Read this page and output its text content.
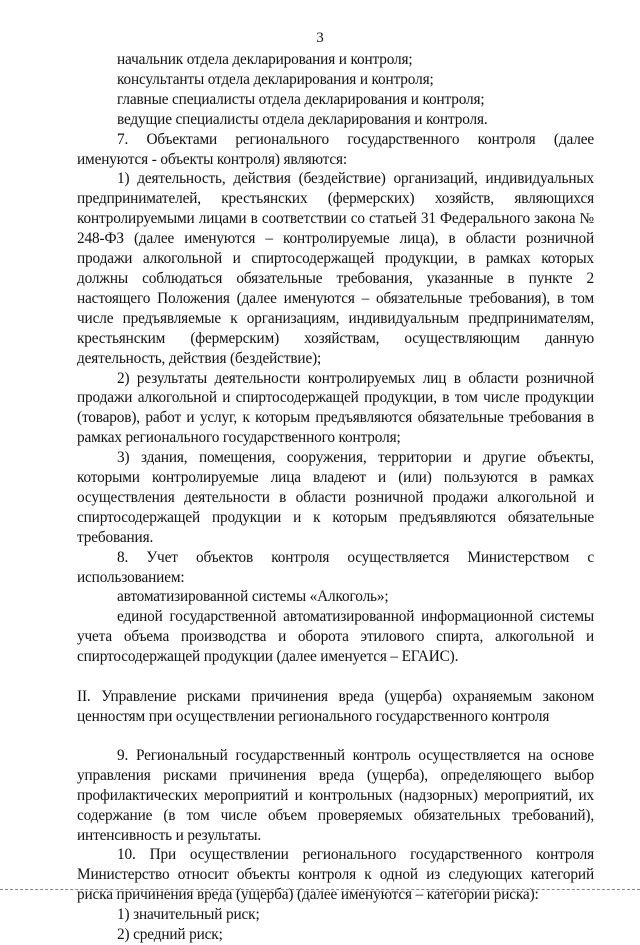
3

начальник отдела декларирования и контроля;

консультанты отдела декларирования и контроля;

главные специалисты отдела декларирования и контроля;

ведущие специалисты отдела декларирования и контроля.

7. Объектами регионального государственного контроля (далее именуются - объекты контроля) являются:

1) деятельность, действия (бездействие) организаций, индивидуальных предпринимателей, крестьянских (фермерских) хозяйств, являющихся контролируемыми лицами в соответствии со статьей 31 Федерального закона № 248-ФЗ (далее именуются – контролируемые лица), в области розничной продажи алкогольной и спиртосодержащей продукции, в рамках которых должны соблюдаться обязательные требования, указанные в пункте 2 настоящего Положения (далее именуются – обязательные требования), в том числе предъявляемые к организациям, индивидуальным предпринимателям, крестьянским (фермерским) хозяйствам, осуществляющим данную деятельность, действия (бездействие);

2) результаты деятельности контролируемых лиц в области розничной продажи алкогольной и спиртосодержащей продукции, в том числе продукции (товаров), работ и услуг, к которым предъявляются обязательные требования в рамках регионального государственного контроля;

3) здания, помещения, сооружения, территории и другие объекты, которыми контролируемые лица владеют и (или) пользуются в рамках осуществления деятельности в области розничной продажи алкогольной и спиртосодержащей продукции и к которым предъявляются обязательные требования.

8. Учет объектов контроля осуществляется Министерством с использованием:

автоматизированной системы «Алкоголь»;

единой государственной автоматизированной информационной системы учета объема производства и оборота этилового спирта, алкогольной и спиртосодержащей продукции (далее именуется – ЕГАИС).

II. Управление рисками причинения вреда (ущерба) охраняемым законом ценностям при осуществлении регионального государственного контроля

9. Региональный государственный контроль осуществляется на основе управления рисками причинения вреда (ущерба), определяющего выбор профилактических мероприятий и контрольных (надзорных) мероприятий, их содержание (в том числе объем проверяемых обязательных требований), интенсивность и результаты.

10. При осуществлении регионального государственного контроля Министерство относит объекты контроля к одной из следующих категорий риска причинения вреда (ущерба) (далее именуются – категории риска):

1) значительный риск;

2) средний риск;
